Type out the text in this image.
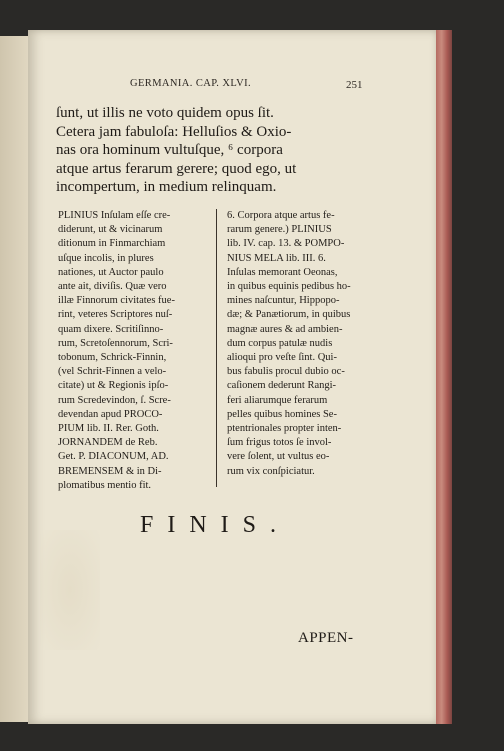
GERMANIA. CAP. XLVI.	251
ſunt, ut illis ne voto quidem opus ſit.
Cetera jam fabuloſa: Helluſios & Oxio-
nas ora hominum vultuſque, ⁶ corpora
atque artus ferarum gerere; quod ego, ut
incompertum, in medium relinquam.
PLINIUS Inſulam eſſe cre-
diderunt, ut & vicinarum
ditionum in Finmarchiam
uſque incolis, in plures
nationes, ut Auctor paulo
ante ait, diviſis. Quæ vero
illæ Finnorum civitates fue-
rint, veteres Scriptores nuſ-
quam dixere. Scritiſinno-
rum, Scretoſennorum, Scri-
tobonum, Schrick-Finnin,
(vel Schrit-Finnen a velo-
citate) ut & Regionis ipſo-
rum Scredevindon, ſ. Scre-
devendan apud PROCO-
PIUM lib. II. Rer. Goth.
JORNANDEM de Reb.
Get. P. DIACONUM, AD.
BREMENSEM & in Di-
plomatibus mentio fit.
6. Corpora atque artus fe-
rarum genere.) PLINIUS
lib. IV. cap. 13. & POMPO-
NIUS MELA lib. III. 6.
Inſulas memorant Oeonas,
in quibus equinis pedibus ho-
mines naſcuntur, Hippopo-
dæ; & Panætiorum, in quibus
magnæ aures & ad ambien-
dum corpus patulæ nudis
alioqui pro veſte ſint. Qui-
bus fabulis procul dubio oc-
caſionem dederunt Rangi-
feri aliarumque ferarum
pelles quibus homines Se-
ptentrionales propter inten-
ſum frigus totos ſe invol-
vere ſolent, ut vultus eo-
rum vix conſpiciatur.
FINIS.
APPEN-
